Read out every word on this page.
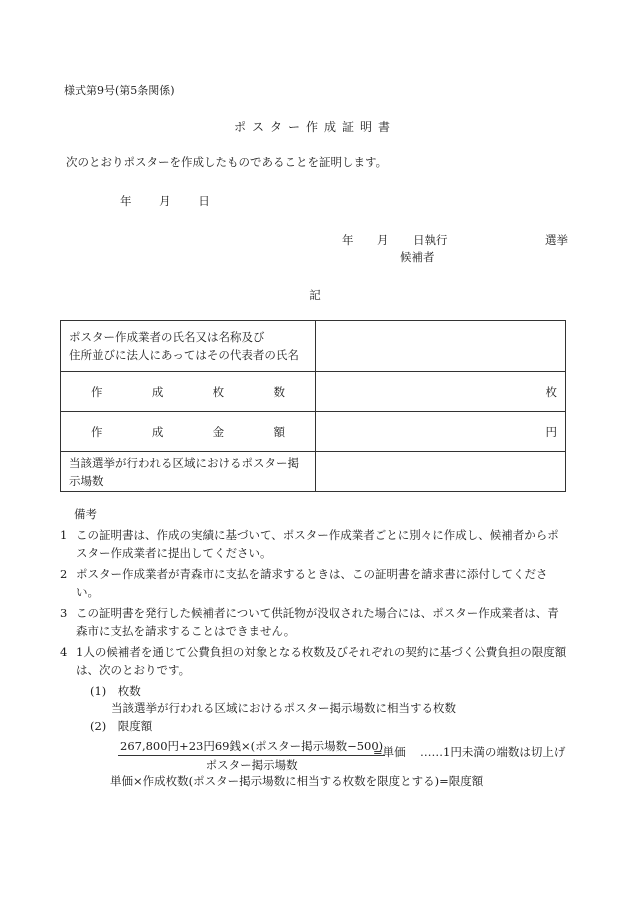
様式第9号(第5条関係)
ポスター作成証明書
次のとおりポスターを作成したものであることを証明します。
年 月 日
年 月 日執行	選挙
候補者
記
ポスター作成業者の氏名又は名称及び
住所並びに法人にあってはその代表者の氏名	

作 成 枚 数	枚

作 成 金 額	円

当該選挙が行われる区域におけるポスター掲
示場数	

備考
1 この証明書は、作成の実績に基づいて、ポスター作成業者ごとに別々に作成し、候補者からポスター作成業者に提出してください。
2 ポスター作成業者が青森市に支払を請求するときは、この証明書を請求書に添付してください。
3 この証明書を発行した候補者について供託物が没収された場合には、ポスター作成業者は、青森市に支払を請求することはできません。
4 1人の候補者を通じて公費負担の対象となる枚数及びそれぞれの契約に基づく公費負担の限度額は、次のとおりです。
(1)　枚数
当該選挙が行われる区域におけるポスター掲示場数に相当する枚数
(2)　限度額
267,800円+23円69銭×(ポスター掲示場数−500)
ポスター掲示場数
=単価 ……1円未満の端数は切上げ
単価×作成枚数(ポスター掲示場数に相当する枚数を限度とする)=限度額
